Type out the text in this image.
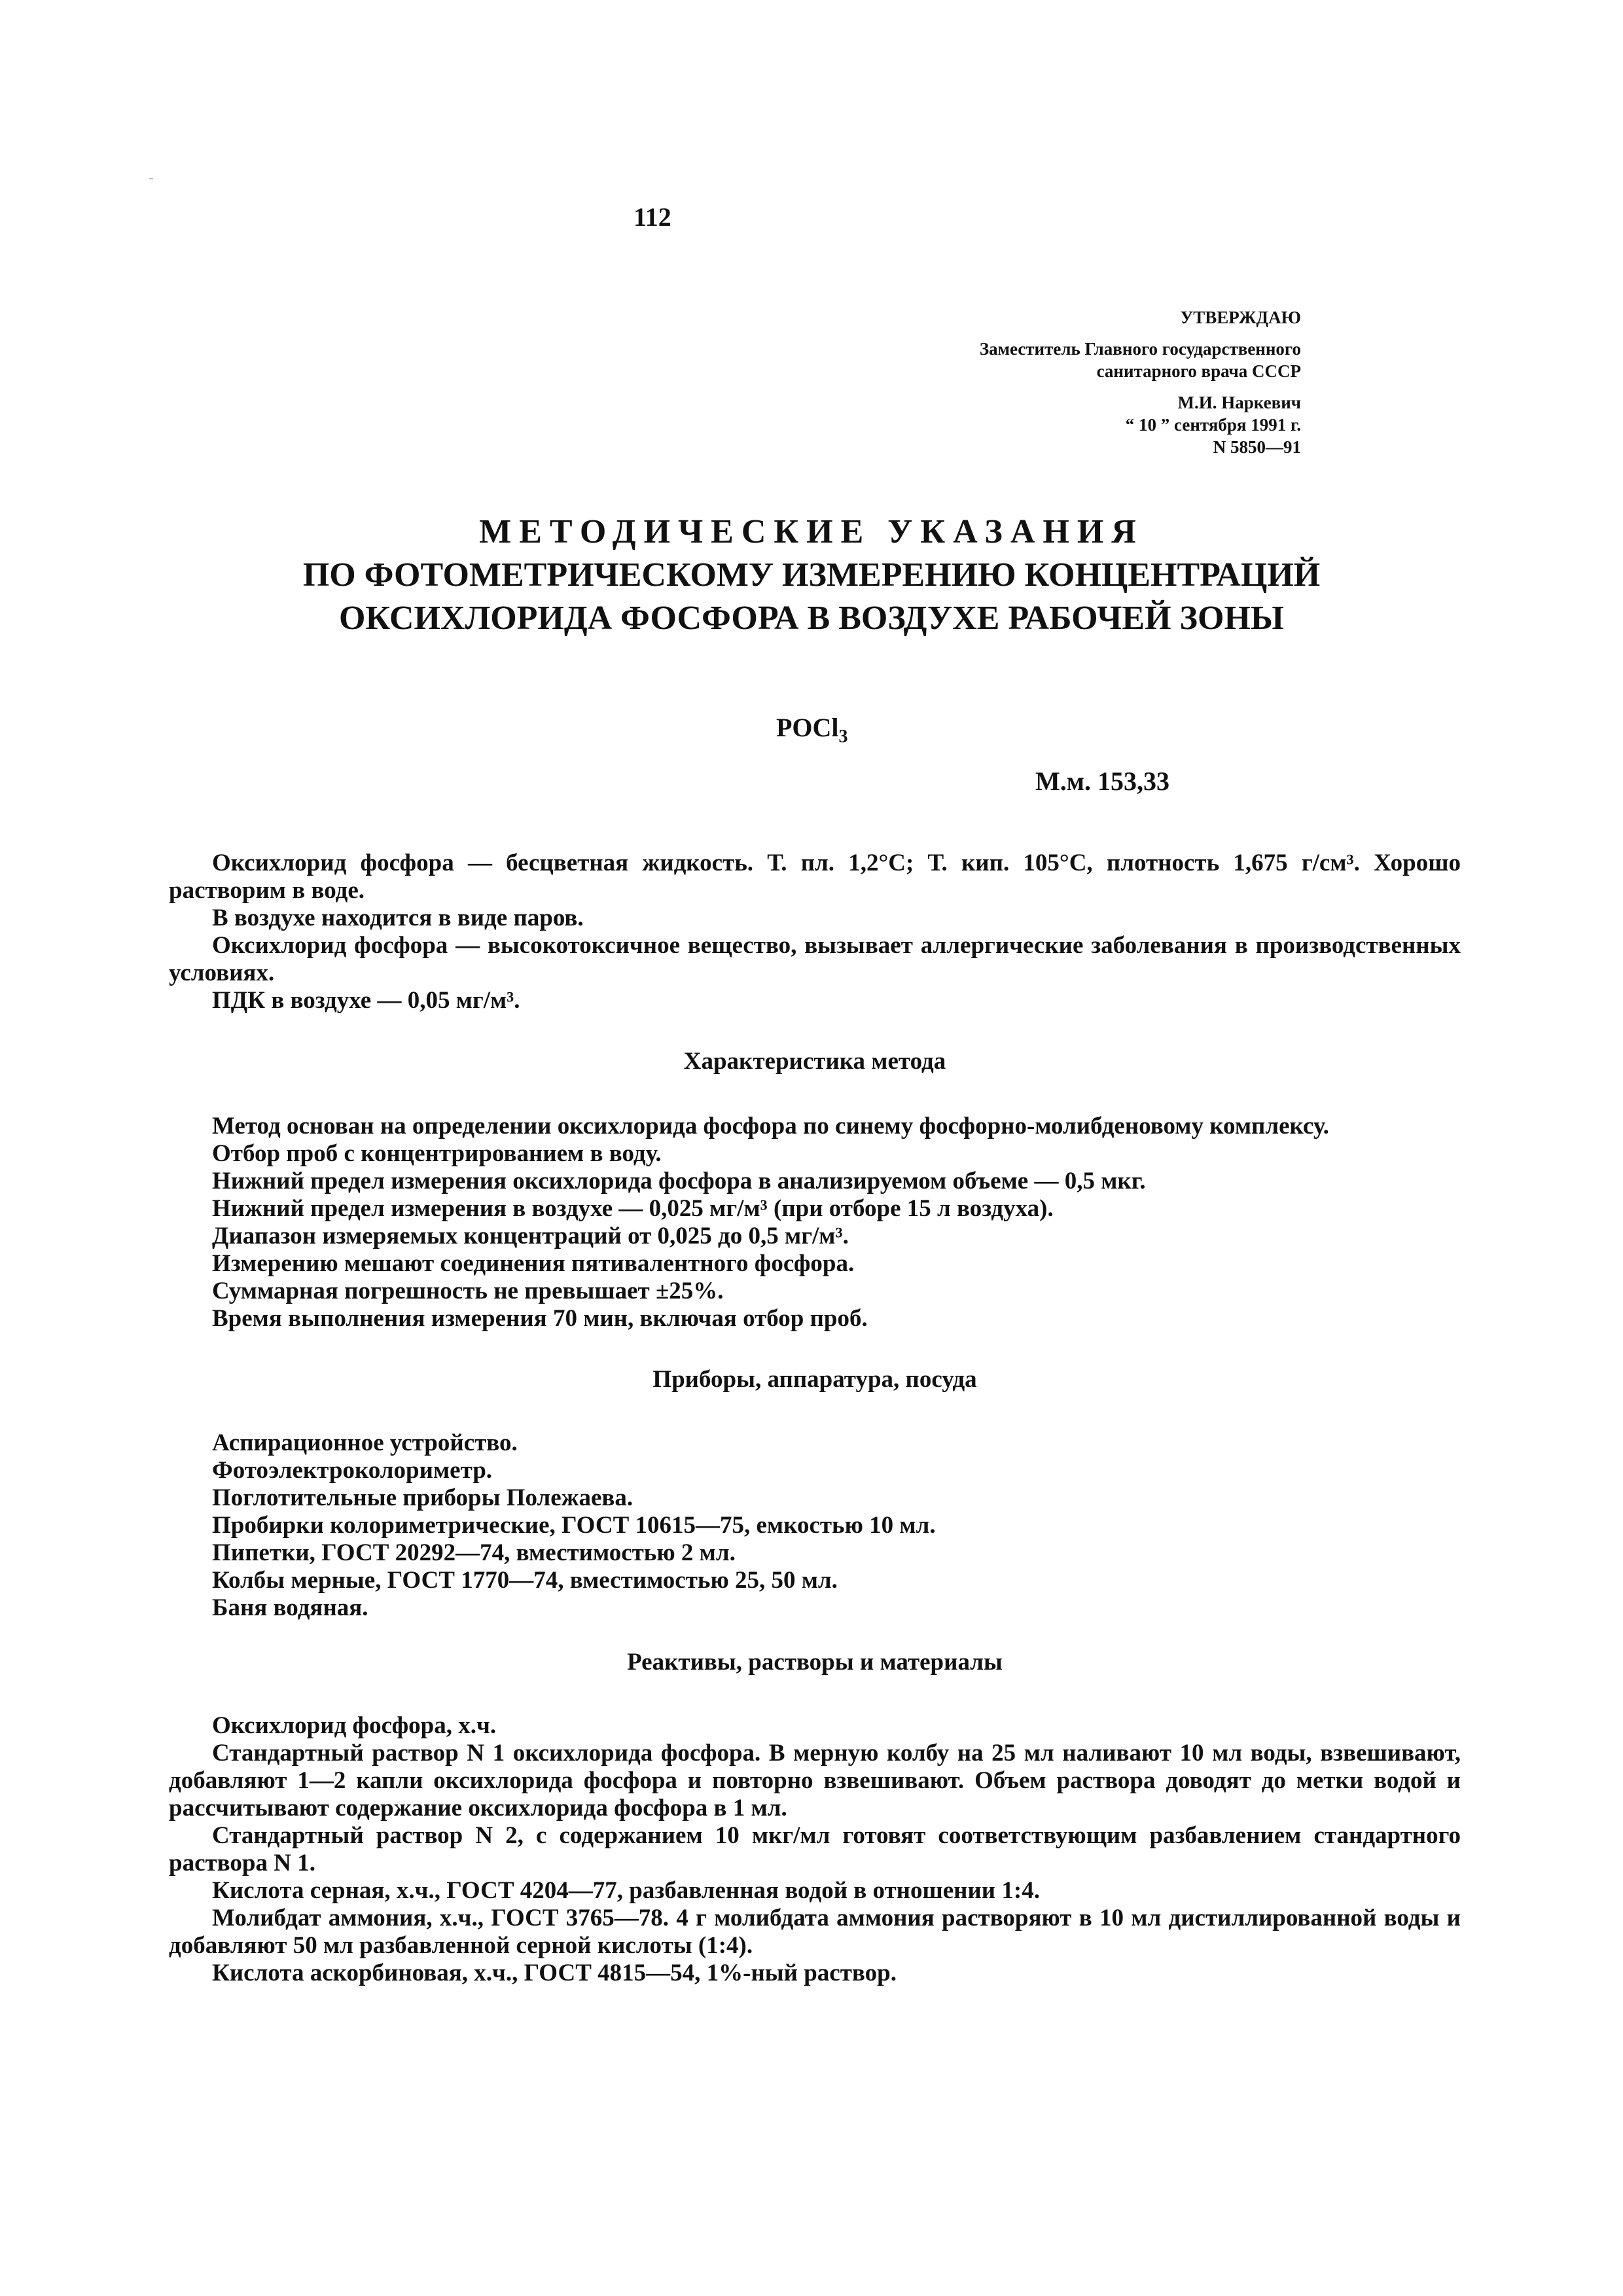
112
УТВЕРЖДАЮ
Заместитель Главного государственного
санитарного врача СССР
М.И. Наркевич
“ 10 ” сентября 1991 г.
N 5850—91
МЕТОДИЧЕСКИЕ УКАЗАНИЯ
ПО ФОТОМЕТРИЧЕСКОМУ ИЗМЕРЕНИЮ КОНЦЕНТРАЦИЙ
ОКСИХЛОРИДА ФОСФОРА В ВОЗДУХЕ РАБОЧЕЙ ЗОНЫ
POCl$_3$
М.м. 153,33

Оксихлорид фосфора — бесцветная жидкость. Т. пл. 1,2°С; Т. кип. 105°С, плотность 1,675 г/см³. Хорошо растворим в воде.

В воздухе находится в виде паров.

Оксихлорид фосфора — высокотоксичное вещество, вызывает аллергические заболевания в производственных условиях.

ПДК в воздухе — 0,05 мг/м³.

Характеристика метода
Метод основан на определении оксихлорида фосфора по синему фосфорно-молибденовому комплексу.
Отбор проб с концентрированием в воду.
Нижний предел измерения оксихлорида фосфора в анализируемом объеме — 0,5 мкг.
Нижний предел измерения в воздухе — 0,025 мг/м³ (при отборе 15 л воздуха).
Диапазон измеряемых концентраций от 0,025 до 0,5 мг/м³.
Измерению мешают соединения пятивалентного фосфора.
Суммарная погрешность не превышает ±25%.
Время выполнения измерения 70 мин, включая отбор проб.
Приборы, аппаратура, посуда
Аспирационное устройство.
Фотоэлектроколориметр.
Поглотительные приборы Полежаева.
Пробирки колориметрические, ГОСТ 10615—75, емкостью 10 мл.
Пипетки, ГОСТ 20292—74, вместимостью 2 мл.
Колбы мерные, ГОСТ 1770—74, вместимостью 25, 50 мл.
Баня водяная.
Реактивы, растворы и материалы

Оксихлорид фосфора, х.ч.

Стандартный раствор N 1 оксихлорида фосфора. В мерную колбу на 25 мл наливают 10 мл воды, взвешивают, добавляют 1—2 капли оксихлорида фосфора и повторно взвешивают. Объем раствора доводят до метки водой и рассчитывают содержание оксихлорида фосфора в 1 мл.

Стандартный раствор N 2, с содержанием 10 мкг/мл готовят соответствующим разбавлением стандартного раствора N 1.

Кислота серная, х.ч., ГОСТ 4204—77, разбавленная водой в отношении 1:4.

Молибдат аммония, х.ч., ГОСТ 3765—78. 4 г молибдата аммония растворяют в 10 мл дистиллированной воды и добавляют 50 мл разбавленной серной кислоты (1:4).

Кислота аскорбиновая, х.ч., ГОСТ 4815—54, 1%-ный раствор.
